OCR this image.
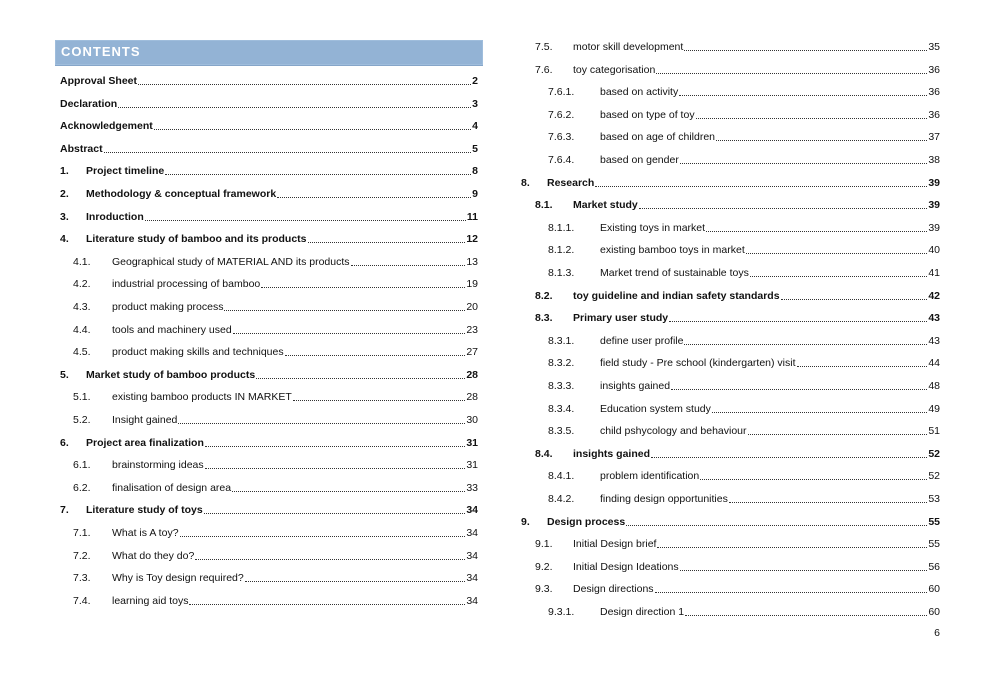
CONTENTS
Approval Sheet	2
Declaration	3
Acknowledgement	4
Abstract	5
1.	Project timeline	8
2.	Methodology & conceptual framework	9
3.	Inroduction	11
4.	Literature study of bamboo and its products	12
4.1.	Geographical study of MATERIAL AND its products	13
4.2.	industrial processing of bamboo	19
4.3.	product making process	20
4.4.	tools and machinery used	23
4.5.	product making skills and techniques	27
5.	Market study of bamboo products	28
5.1.	existing bamboo products IN MARKET	28
5.2.	Insight gained	30
6.	Project area finalization	31
6.1.	brainstorming ideas	31
6.2.	finalisation of design area	33
7.	Literature study of toys	34
7.1.	What is A toy?	34
7.2.	What do they do?	34
7.3.	Why is Toy design required?	34
7.4.	learning aid toys	34
7.5.	motor skill development	35
7.6.	toy categorisation	36
7.6.1.	based on activity	36
7.6.2.	based on type of toy	36
7.6.3.	based on age of children	37
7.6.4.	based on gender	38
8.	Research	39
8.1.	Market study	39
8.1.1.	Existing toys in market	39
8.1.2.	existing bamboo toys in market	40
8.1.3.	Market trend of sustainable toys	41
8.2.	toy guideline and indian safety standards	42
8.3.	Primary user study	43
8.3.1.	define user profile	43
8.3.2.	field study - Pre school (kindergarten) visit	44
8.3.3.	insights gained	48
8.3.4.	Education system study	49
8.3.5.	child pshycology and behaviour	51
8.4.	insights gained	52
8.4.1.	problem identification	52
8.4.2.	finding design opportunities	53
9.	Design process	55
9.1.	Initial Design brief	55
9.2.	Initial Design Ideations	56
9.3.	Design directions	60
9.3.1.	Design direction 1	60
6
